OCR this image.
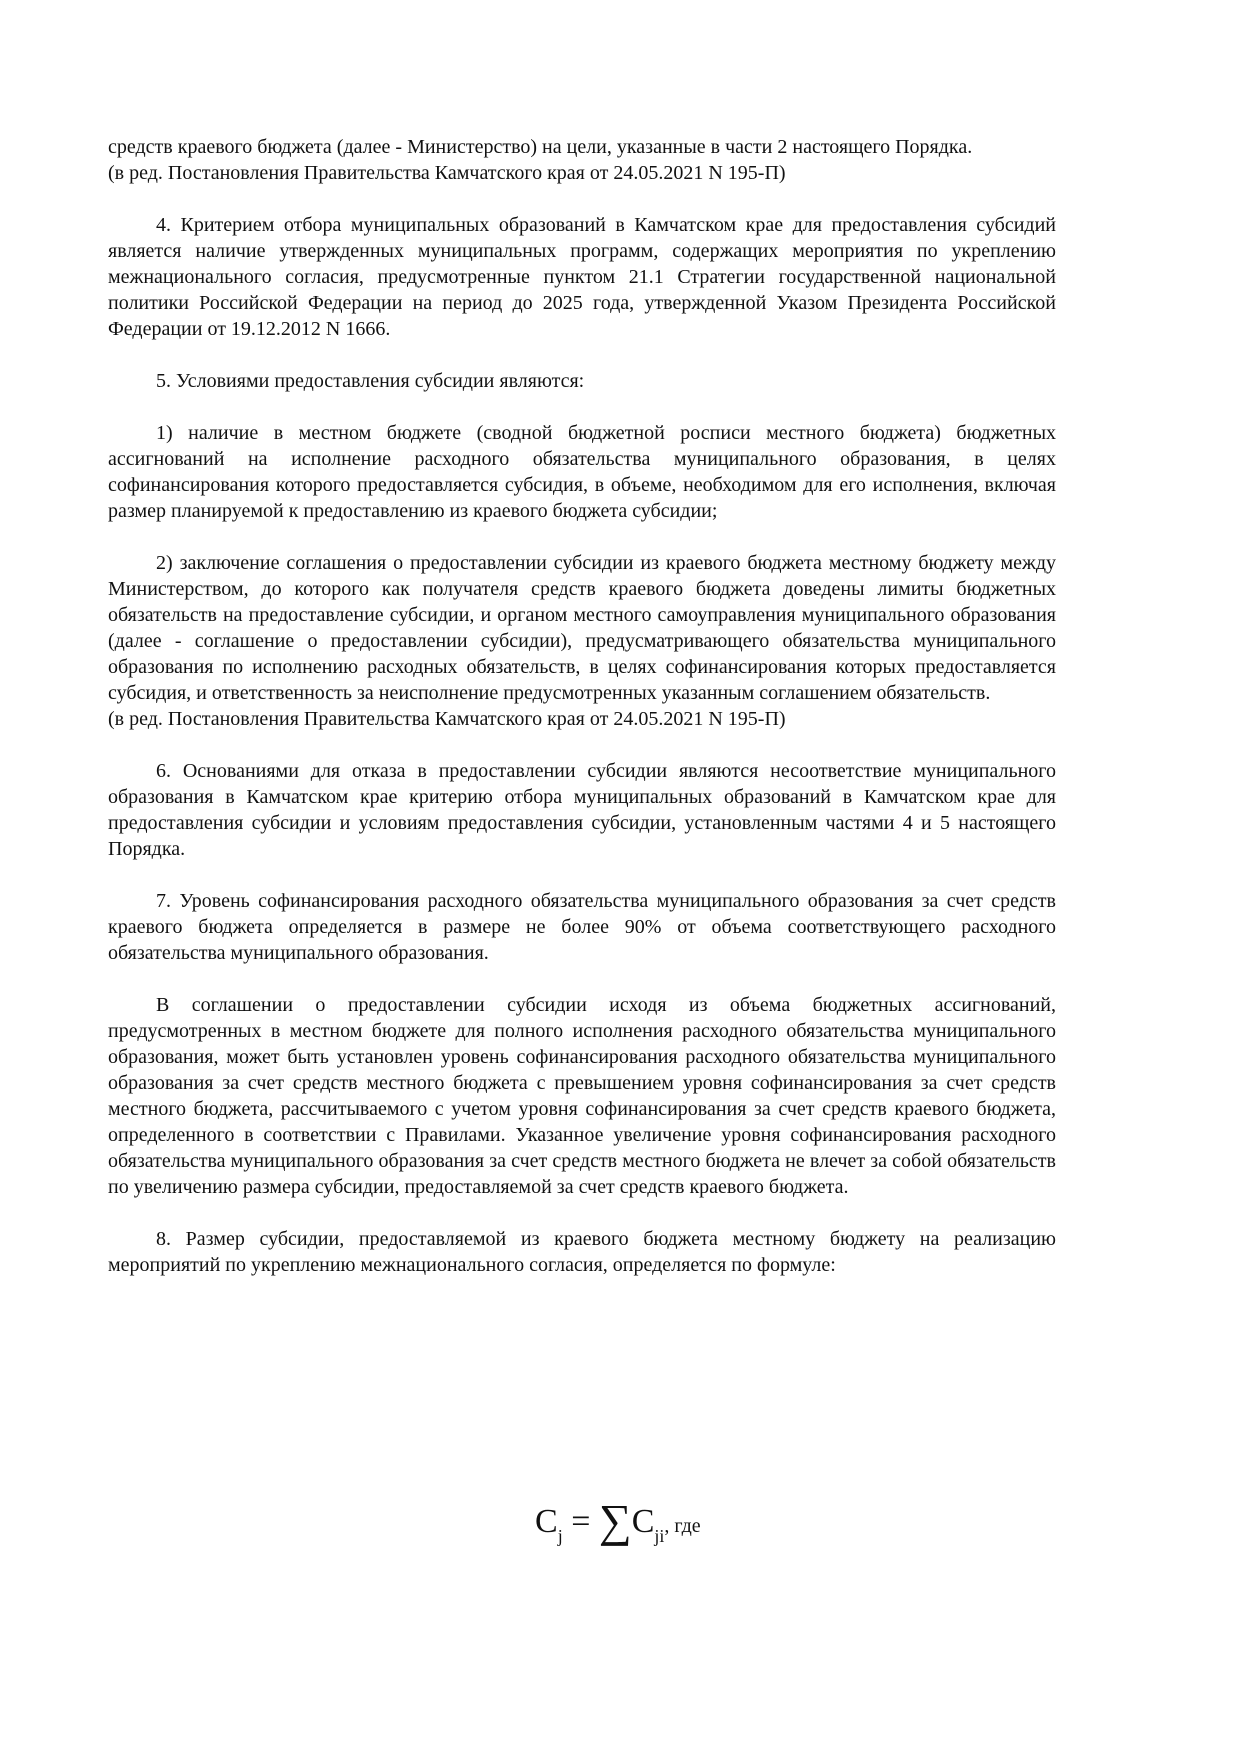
средств краевого бюджета (далее - Министерство) на цели, указанные в части 2 настоящего Порядка.

(в ред. Постановления Правительства Камчатского края от 24.05.2021 N 195-П)

4. Критерием отбора муниципальных образований в Камчатском крае для предоставления субсидий является наличие утвержденных муниципальных программ, содержащих мероприятия по укреплению межнационального согласия, предусмотренные пунктом 21.1 Стратегии государственной национальной политики Российской Федерации на период до 2025 года, утвержденной Указом Президента Российской Федерации от 19.12.2012 N 1666.

5. Условиями предоставления субсидии являются:

1) наличие в местном бюджете (сводной бюджетной росписи местного бюджета) бюджетных ассигнований на исполнение расходного обязательства муниципального образования, в целях софинансирования которого предоставляется субсидия, в объеме, необходимом для его исполнения, включая размер планируемой к предоставлению из краевого бюджета субсидии;

2) заключение соглашения о предоставлении субсидии из краевого бюджета местному бюджету между Министерством, до которого как получателя средств краевого бюджета доведены лимиты бюджетных обязательств на предоставление субсидии, и органом местного самоуправления муниципального образования (далее - соглашение о предоставлении субсидии), предусматривающего обязательства муниципального образования по исполнению расходных обязательств, в целях софинансирования которых предоставляется субсидия, и ответственность за неисполнение предусмотренных указанным соглашением обязательств.

(в ред. Постановления Правительства Камчатского края от 24.05.2021 N 195-П)

6. Основаниями для отказа в предоставлении субсидии являются несоответствие муниципального образования в Камчатском крае критерию отбора муниципальных образований в Камчатском крае для предоставления субсидии и условиям предоставления субсидии, установленным частями 4 и 5 настоящего Порядка.

7. Уровень софинансирования расходного обязательства муниципального образования за счет средств краевого бюджета определяется в размере не более 90% от объема соответствующего расходного обязательства муниципального образования.

В соглашении о предоставлении субсидии исходя из объема бюджетных ассигнований, предусмотренных в местном бюджете для полного исполнения расходного обязательства муниципального образования, может быть установлен уровень софинансирования расходного обязательства муниципального образования за счет средств местного бюджета с превышением уровня софинансирования за счет средств местного бюджета, рассчитываемого с учетом уровня софинансирования за счет средств краевого бюджета, определенного в соответствии с Правилами. Указанное увеличение уровня софинансирования расходного обязательства муниципального образования за счет средств местного бюджета не влечет за собой обязательств по увеличению размера субсидии, предоставляемой за счет средств краевого бюджета.

8. Размер субсидии, предоставляемой из краевого бюджета местному бюджету на реализацию мероприятий по укреплению межнационального согласия, определяется по формуле:

$C_j = \sum C_{ji}$, где
